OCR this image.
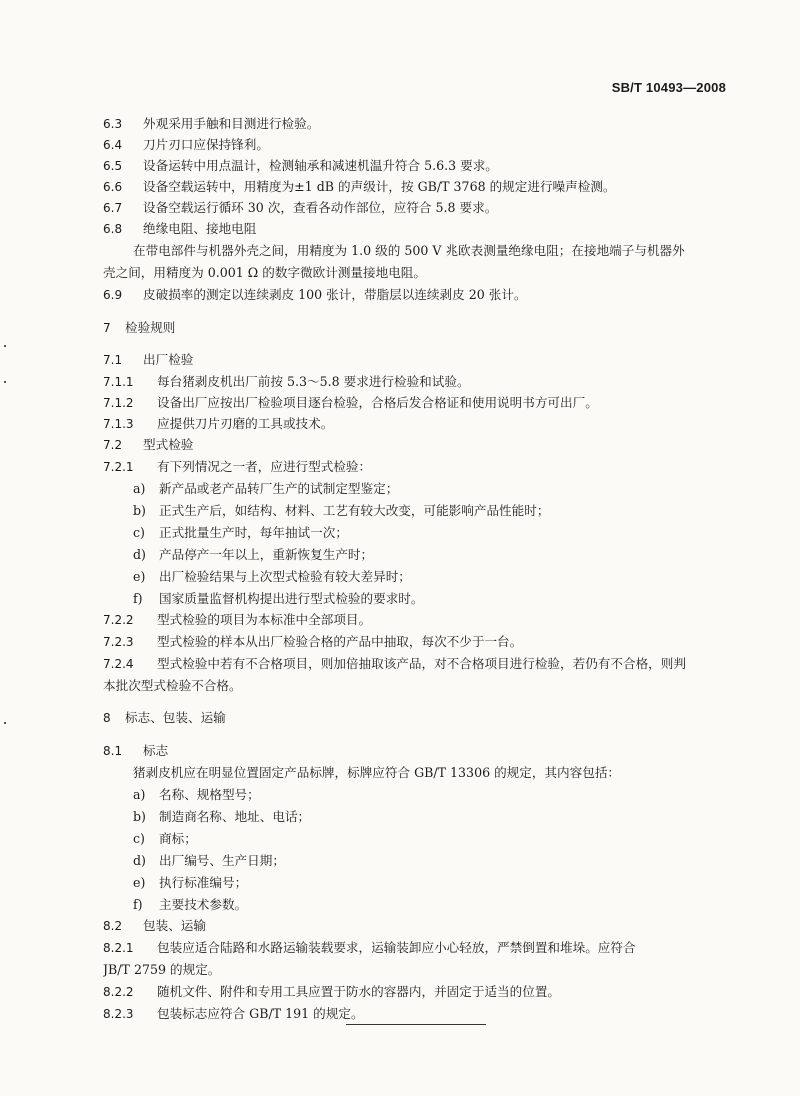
SB/T 10493—2008
6.3 外观采用手触和目测进行检验。
6.4 刀片刃口应保持锋利。
6.5 设备运转中用点温计，检测轴承和减速机温升符合 5.6.3 要求。
6.6 设备空载运转中，用精度为±1 dB 的声级计，按 GB/T 3768 的规定进行噪声检测。
6.7 设备空载运行循环 30 次，查看各动作部位，应符合 5.8 要求。
6.8 绝缘电阻、接地电阻
在带电部件与机器外壳之间，用精度为 1.0 级的 500 V 兆欧表测量绝缘电阻；在接地端子与机器外
壳之间，用精度为 0.001 Ω 的数字微欧计测量接地电阻。
6.9 皮破损率的测定以连续剥皮 100 张计，带脂层以连续剥皮 20 张计。
7 检验规则
7.1 出厂检验
7.1.1 每台猪剥皮机出厂前按 5.3～5.8 要求进行检验和试验。
7.1.2 设备出厂应按出厂检验项目逐台检验，合格后发合格证和使用说明书方可出厂。
7.1.3 应提供刀片刃磨的工具或技术。
7.2 型式检验
7.2.1 有下列情况之一者，应进行型式检验：
a) 新产品或老产品转厂生产的试制定型鉴定；
b) 正式生产后，如结构、材料、工艺有较大改变，可能影响产品性能时；
c) 正式批量生产时，每年抽试一次；
d) 产品停产一年以上，重新恢复生产时；
e) 出厂检验结果与上次型式检验有较大差异时；
f) 国家质量监督机构提出进行型式检验的要求时。
7.2.2 型式检验的项目为本标准中全部项目。
7.2.3 型式检验的样本从出厂检验合格的产品中抽取，每次不少于一台。
7.2.4 型式检验中若有不合格项目，则加倍抽取该产品，对不合格项目进行检验，若仍有不合格，则判
本批次型式检验不合格。
8 标志、包装、运输
8.1 标志
猪剥皮机应在明显位置固定产品标牌，标牌应符合 GB/T 13306 的规定，其内容包括：
a) 名称、规格型号；
b) 制造商名称、地址、电话；
c) 商标；
d) 出厂编号、生产日期；
e) 执行标准编号；
f) 主要技术参数。
8.2 包装、运输
8.2.1 包装应适合陆路和水路运输装载要求，运输装卸应小心轻放，严禁倒置和堆垛。应符合
JB/T 2759 的规定。
8.2.2 随机文件、附件和专用工具应置于防水的容器内，并固定于适当的位置。
8.2.3 包装标志应符合 GB/T 191 的规定。
